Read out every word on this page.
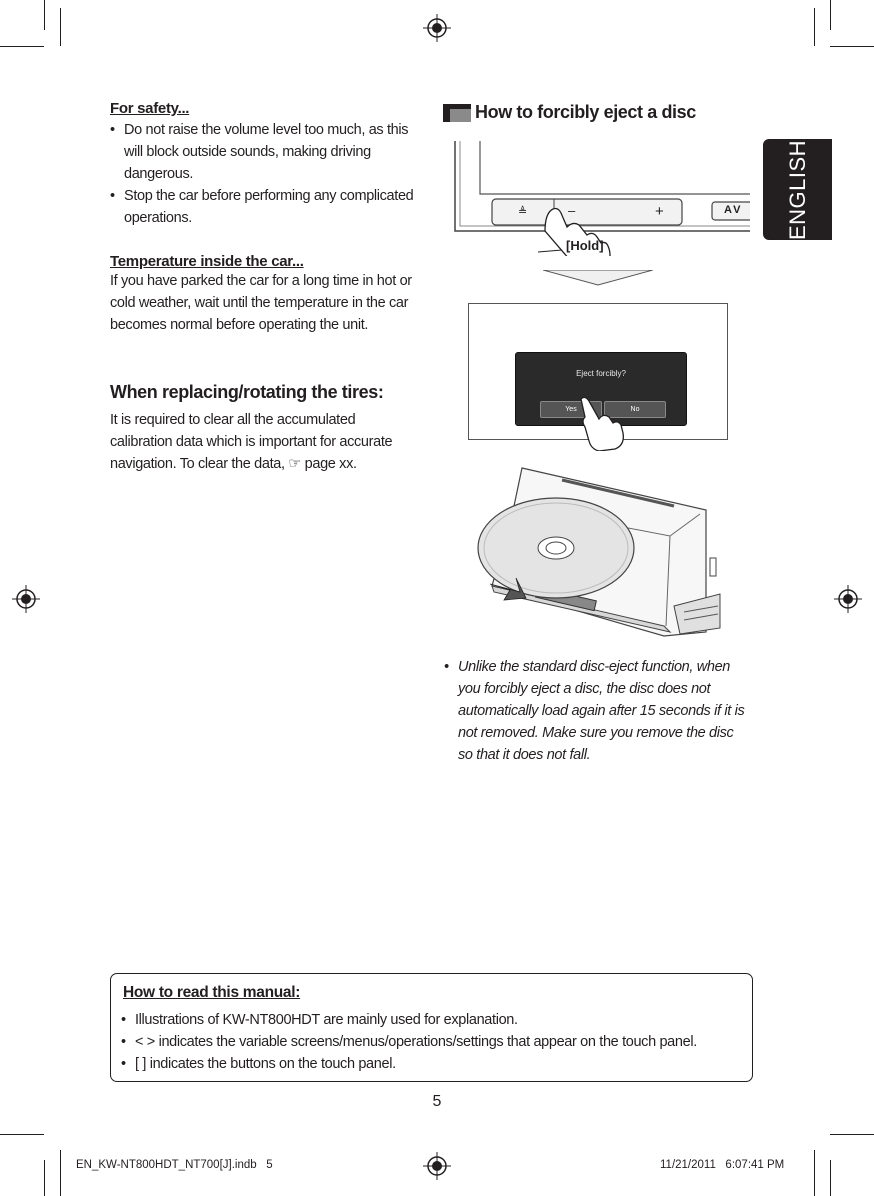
ENGLISH
For safety...
• Do not raise the volume level too much, as this will block outside sounds, making driving dangerous.
• Stop the car before performing any complicated operations.
Temperature inside the car...
If you have parked the car for a long time in hot or cold weather, wait until the temperature in the car becomes normal before operating the unit.
When replacing/rotating the tires:
It is required to clear all the accumulated calibration data which is important for accurate navigation. To clear the data, ☞ page xx.
How to forcibly eject a disc
≜	–	+	AV
[Hold]
Eject forcibly?
Yes	No
• Unlike the standard disc-eject function, when you forcibly eject a disc, the disc does not automatically load again after 15 seconds if it is not removed. Make sure you remove the disc so that it does not fall.
How to read this manual:
• Illustrations of KW-NT800HDT are mainly used for explanation.
• < > indicates the variable screens/menus/operations/settings that appear on the touch panel.
• [ ] indicates the buttons on the touch panel.
5
EN_KW-NT800HDT_NT700[J].indb   5	11/21/2011   6:07:41 PM
